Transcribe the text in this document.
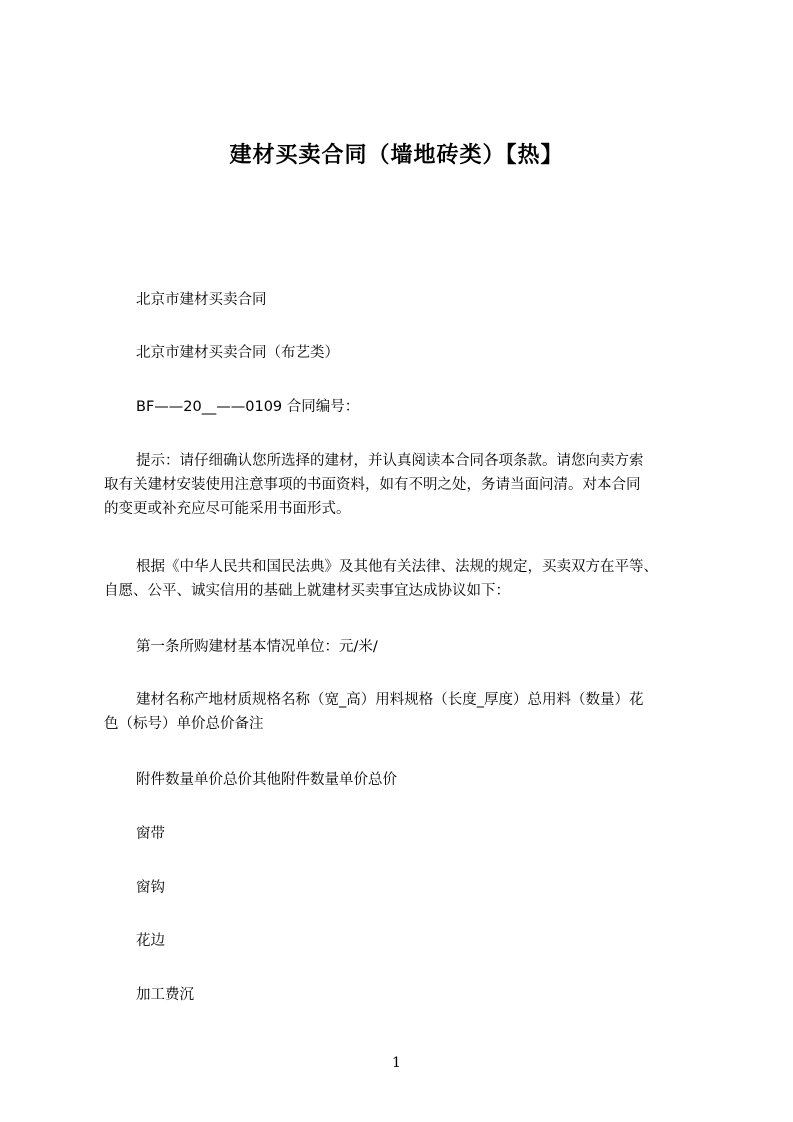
建材买卖合同（墙地砖类）【热】
北京市建材买卖合同
北京市建材买卖合同（布艺类）
BF——20__——0109 合同编号：
提示：请仔细确认您所选择的建材，并认真阅读本合同各项条款。请您向卖方索
取有关建材安装使用注意事项的书面资料，如有不明之处，务请当面问清。对本合同
的变更或补充应尽可能采用书面形式。
根据《中华人民共和国民法典》及其他有关法律、法规的规定，买卖双方在平等、
自愿、公平、诚实信用的基础上就建材买卖事宜达成协议如下：
第一条所购建材基本情况单位：元/米/
建材名称产地材质规格名称（宽_高）用料规格（长度_厚度）总用料（数量）花
色（标号）单价总价备注
附件数量单价总价其他附件数量单价总价
窗带
窗钩
花边
加工费沉
1
